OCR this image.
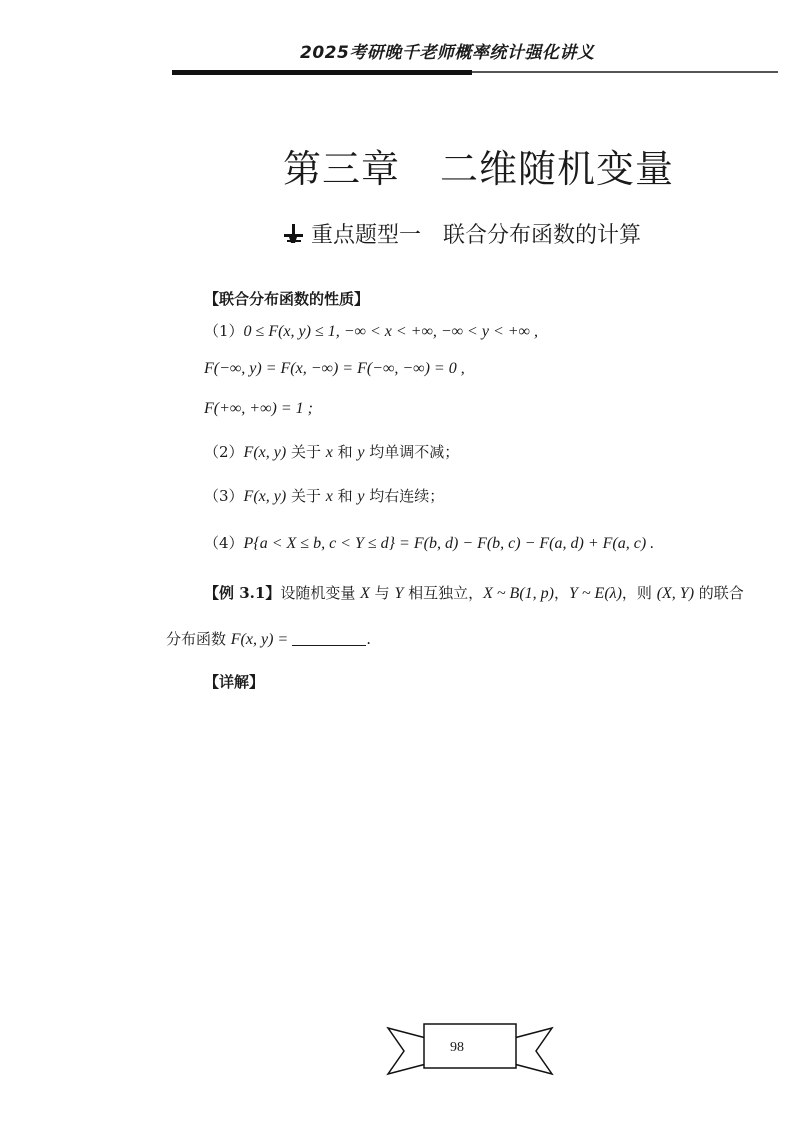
2025考研晚千老师概率统计强化讲义
第三章 二维随机变量
重点题型一 联合分布函数的计算
【联合分布函数的性质】
（1）0 ≤ F(x, y) ≤ 1, −∞ < x < +∞, −∞ < y < +∞ ,
F(−∞, y) = F(x, −∞) = F(−∞, −∞) = 0 ,
F(+∞, +∞) = 1 ;
（2）F(x, y) 关于 x 和 y 均单调不减；
（3）F(x, y) 关于 x 和 y 均右连续；
（4）P{a < X ≤ b, c < Y ≤ d} = F(b, d) − F(b, c) − F(a, d) + F(a, c) .
【例 3.1】设随机变量 X 与 Y 相互独立，X ~ B(1, p)，Y ~ E(λ)，则 (X, Y) 的联合
分布函数 F(x, y) =	.
【详解】
98
